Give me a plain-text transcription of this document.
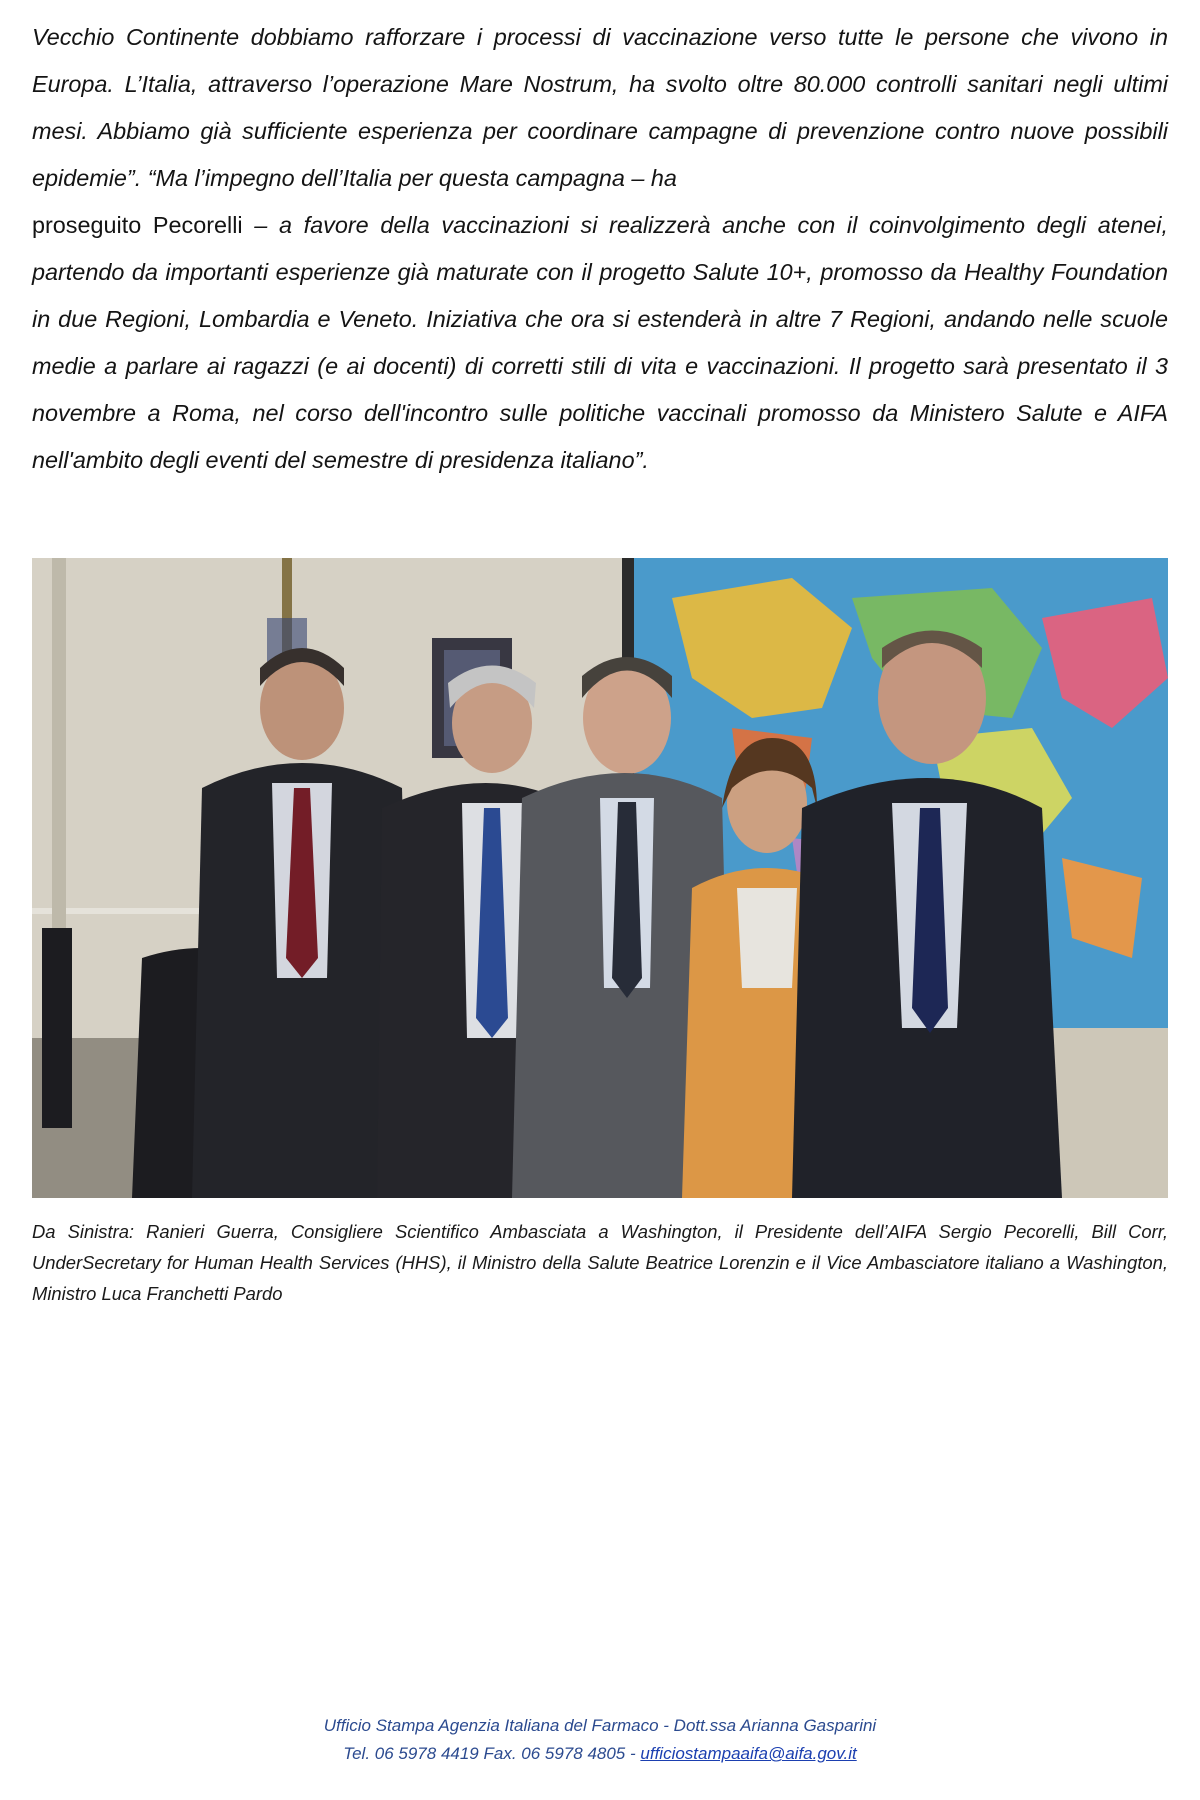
Vecchio Continente dobbiamo rafforzare i processi di vaccinazione verso tutte le persone che vivono in Europa. L’Italia, attraverso l’operazione Mare Nostrum, ha svolto oltre 80.000 controlli sanitari negli ultimi mesi. Abbiamo già sufficiente esperienza per coordinare campagne di prevenzione contro nuove possibili epidemie”. “Ma l’impegno dell’Italia per questa campagna – ha
proseguito Pecorelli – a favore della vaccinazioni si realizzerà anche con il coinvolgimento degli atenei, partendo da importanti esperienze già maturate con il progetto Salute 10+, promosso da Healthy Foundation in due Regioni, Lombardia e Veneto. Iniziativa che ora si estenderà in altre 7 Regioni, andando nelle scuole medie a parlare ai ragazzi (e ai docenti) di corretti stili di vita e vaccinazioni. Il progetto sarà presentato il 3 novembre a Roma, nel corso dell'incontro sulle politiche vaccinali promosso da Ministero Salute e AIFA nell'ambito degli eventi del semestre di presidenza italiano”.

Da Sinistra: Ranieri Guerra, Consigliere Scientifico Ambasciata a Washington, il Presidente dell’AIFA Sergio Pecorelli, Bill Corr, UnderSecretary for Human Health Services (HHS), il Ministro della Salute Beatrice Lorenzin e il Vice Ambasciatore italiano a Washington, Ministro Luca Franchetti Pardo

Ufficio Stampa Agenzia Italiana del Farmaco - Dott.ssa Arianna Gasparini
Tel. 06 5978 4419 Fax. 06 5978 4805 - ufficiostampaaifa@aifa.gov.it
